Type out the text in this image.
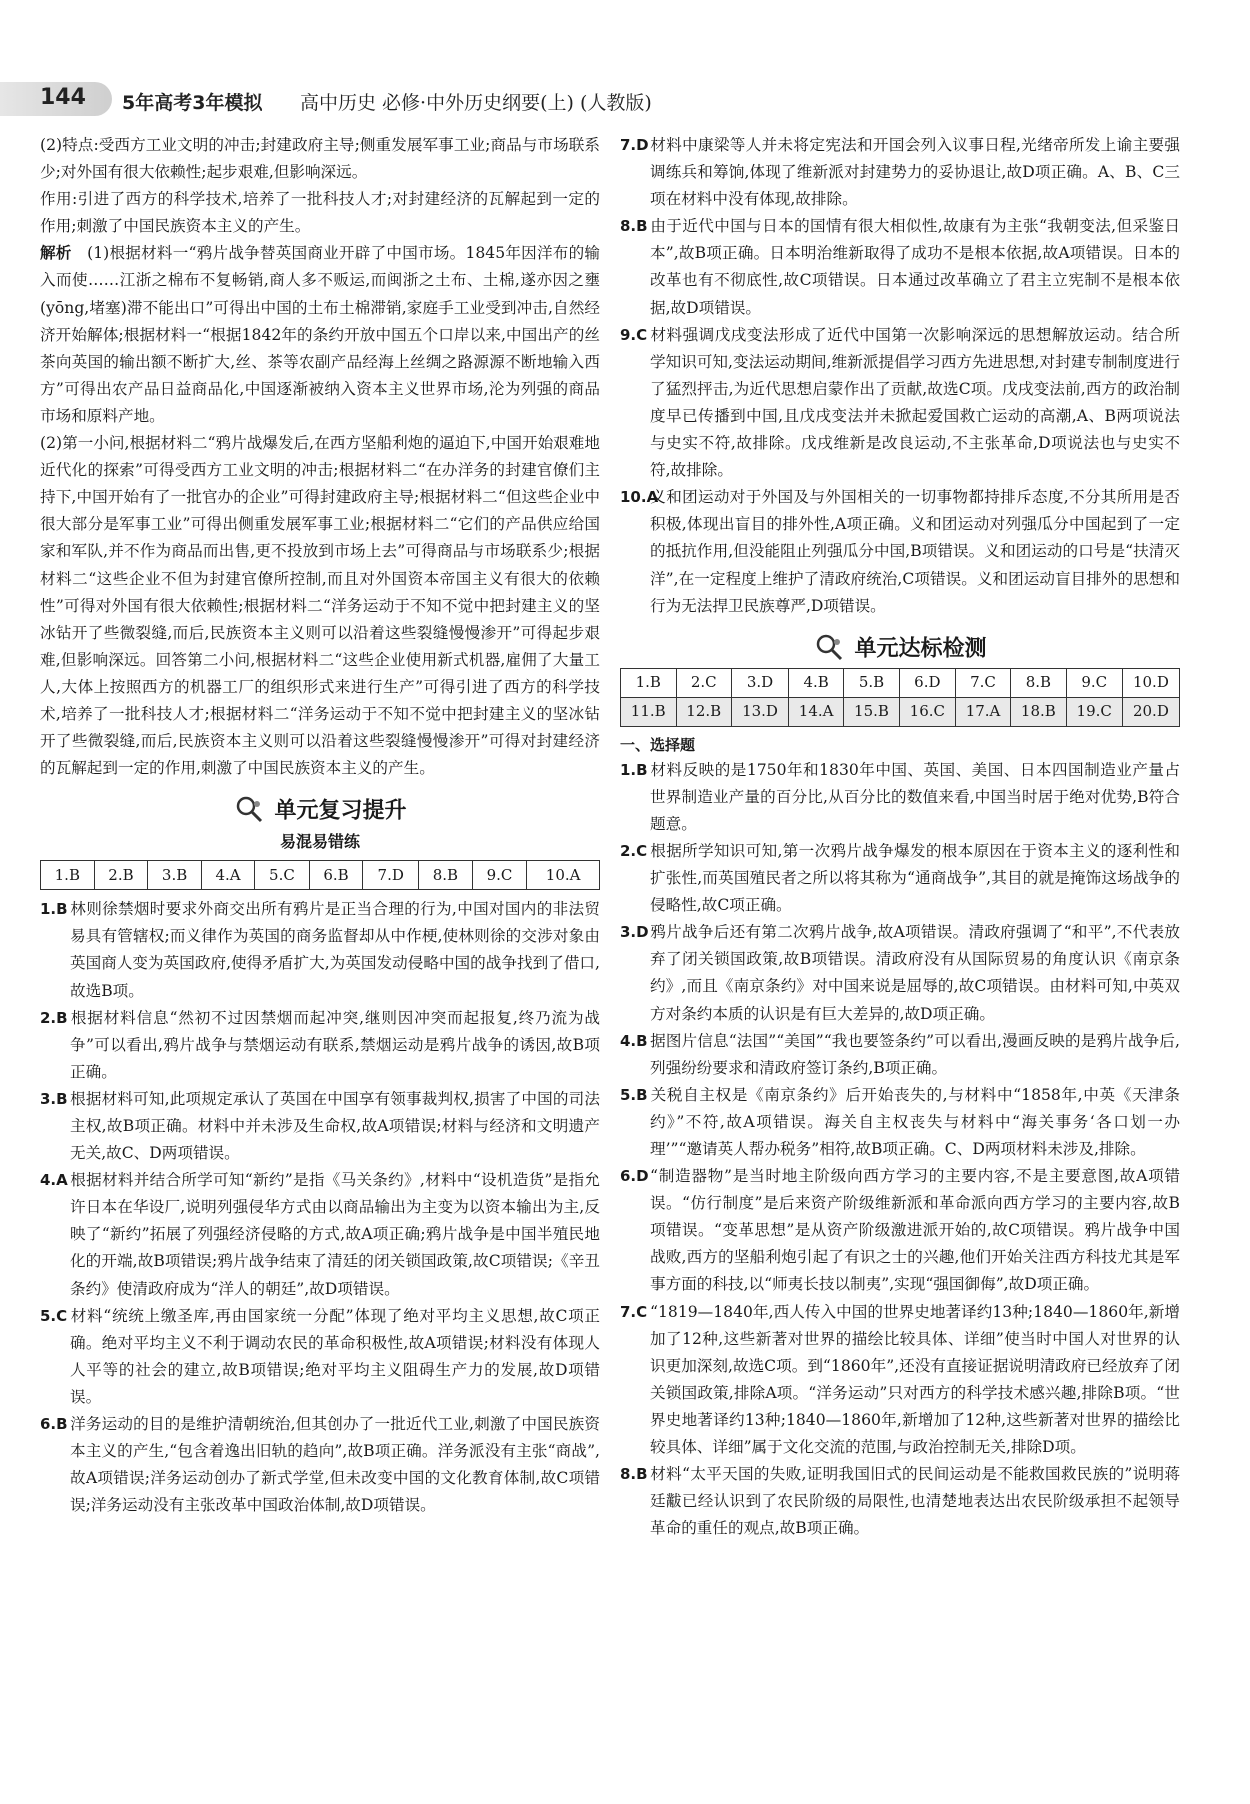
144 5年高考3年模拟 高中历史 必修·中外历史纲要(上) (人教版)

(2)特点:受西方工业文明的冲击;封建政府主导;侧重发展军事工业;商品与市场联系少;对外国有很大依赖性;起步艰难,但影响深远。

作用:引进了西方的科学技术,培养了一批科技人才;对封建经济的瓦解起到一定的作用;刺激了中国民族资本主义的产生。

解析 (1)根据材料一“鸦片战争替英国商业开辟了中国市场。1845年因洋布的输入而使……江浙之棉布不复畅销,商人多不贩运,而闽浙之土布、土棉,遂亦因之壅(yōng,堵塞)滞不能出口”可得出中国的土布土棉滞销,家庭手工业受到冲击,自然经济开始解体;根据材料一“根据1842年的条约开放中国五个口岸以来,中国出产的丝茶向英国的输出额不断扩大,丝、茶等农副产品经海上丝绸之路源源不断地输入西方”可得出农产品日益商品化,中国逐渐被纳入资本主义世界市场,沦为列强的商品市场和原料产地。

(2)第一小问,根据材料二“鸦片战爆发后,在西方坚船利炮的逼迫下,中国开始艰难地近代化的探索”可得受西方工业文明的冲击;根据材料二“在办洋务的封建官僚们主持下,中国开始有了一批官办的企业”可得封建政府主导;根据材料二“但这些企业中很大部分是军事工业”可得出侧重发展军事工业;根据材料二“它们的产品供应给国家和军队,并不作为商品而出售,更不投放到市场上去”可得商品与市场联系少;根据材料二“这些企业不但为封建官僚所控制,而且对外国资本帝国主义有很大的依赖性”可得对外国有很大依赖性;根据材料二“洋务运动于不知不觉中把封建主义的坚冰钻开了些微裂缝,而后,民族资本主义则可以沿着这些裂缝慢慢渗开”可得起步艰难,但影响深远。回答第二小问,根据材料二“这些企业使用新式机器,雇佣了大量工人,大体上按照西方的机器工厂的组织形式来进行生产”可得引进了西方的科学技术,培养了一批科技人才;根据材料二“洋务运动于不知不觉中把封建主义的坚冰钻开了些微裂缝,而后,民族资本主义则可以沿着这些裂缝慢慢渗开”可得对封建经济的瓦解起到一定的作用,刺激了中国民族资本主义的产生。

单元复习提升
易混易错练
1.B	2.B	3.B	4.A	5.C	6.B	7.D	8.B	9.C	10.A

1.B 林则徐禁烟时要求外商交出所有鸦片是正当合理的行为,中国对国内的非法贸易具有管辖权;而义律作为英国的商务监督却从中作梗,使林则徐的交涉对象由英国商人变为英国政府,使得矛盾扩大,为英国发动侵略中国的战争找到了借口,故选B项。

2.B 根据材料信息“然初不过因禁烟而起冲突,继则因冲突而起报复,终乃流为战争”可以看出,鸦片战争与禁烟运动有联系,禁烟运动是鸦片战争的诱因,故B项正确。

3.B 根据材料可知,此项规定承认了英国在中国享有领事裁判权,损害了中国的司法主权,故B项正确。材料中并未涉及生命权,故A项错误;材料与经济和文明遗产无关,故C、D两项错误。

4.A 根据材料并结合所学可知“新约”是指《马关条约》,材料中“设机造货”是指允许日本在华设厂,说明列强侵华方式由以商品输出为主变为以资本输出为主,反映了“新约”拓展了列强经济侵略的方式,故A项正确;鸦片战争是中国半殖民地化的开端,故B项错误;鸦片战争结束了清廷的闭关锁国政策,故C项错误;《辛丑条约》使清政府成为“洋人的朝廷”,故D项错误。

5.C 材料“统统上缴圣库,再由国家统一分配”体现了绝对平均主义思想,故C项正确。绝对平均主义不利于调动农民的革命积极性,故A项错误;材料没有体现人人平等的社会的建立,故B项错误;绝对平均主义阻碍生产力的发展,故D项错误。

6.B 洋务运动的目的是维护清朝统治,但其创办了一批近代工业,刺激了中国民族资本主义的产生,“包含着逸出旧轨的趋向”,故B项正确。洋务派没有主张“商战”,故A项错误;洋务运动创办了新式学堂,但未改变中国的文化教育体制,故C项错误;洋务运动没有主张改革中国政治体制,故D项错误。

7.D材料中康梁等人并未将定宪法和开国会列入议事日程,光绪帝所发上谕主要强调练兵和筹饷,体现了维新派对封建势力的妥协退让,故D项正确。A、B、C三项在材料中没有体现,故排除。

8.B 由于近代中国与日本的国情有很大相似性,故康有为主张“我朝变法,但采鉴日本”,故B项正确。日本明治维新取得了成功不是根本依据,故A项错误。日本的改革也有不彻底性,故C项错误。日本通过改革确立了君主立宪制不是根本依据,故D项错误。

9.C 材料强调戊戌变法形成了近代中国第一次影响深远的思想解放运动。结合所学知识可知,变法运动期间,维新派提倡学习西方先进思想,对封建专制制度进行了猛烈抨击,为近代思想启蒙作出了贡献,故选C项。戊戌变法前,西方的政治制度早已传播到中国,且戊戌变法并未掀起爱国救亡运动的高潮,A、B两项说法与史实不符,故排除。戊戌维新是改良运动,不主张革命,D项说法也与史实不符,故排除。

10.A义和团运动对于外国及与外国相关的一切事物都持排斥态度,不分其所用是否积极,体现出盲目的排外性,A项正确。义和团运动对列强瓜分中国起到了一定的抵抗作用,但没能阻止列强瓜分中国,B项错误。义和团运动的口号是“扶清灭洋”,在一定程度上维护了清政府统治,C项错误。义和团运动盲目排外的思想和行为无法捍卫民族尊严,D项错误。

单元达标检测
1.B	2.C	3.D	4.B	5.B	6.D	7.C	8.B	9.C	10.D
11.B	12.B	13.D	14.A	15.B	16.C	17.A	18.B	19.C	20.D
一、选择题

1.B 材料反映的是1750年和1830年中国、英国、美国、日本四国制造业产量占世界制造业产量的百分比,从百分比的数值来看,中国当时居于绝对优势,B符合题意。

2.C 根据所学知识可知,第一次鸦片战争爆发的根本原因在于资本主义的逐利性和扩张性,而英国殖民者之所以将其称为“通商战争”,其目的就是掩饰这场战争的侵略性,故C项正确。

3.D鸦片战争后还有第二次鸦片战争,故A项错误。清政府强调了“和平”,不代表放弃了闭关锁国政策,故B项错误。清政府没有从国际贸易的角度认识《南京条约》,而且《南京条约》对中国来说是屈辱的,故C项错误。由材料可知,中英双方对条约本质的认识是有巨大差异的,故D项正确。

4.B 据图片信息“法国”“美国”“我也要签条约”可以看出,漫画反映的是鸦片战争后,列强纷纷要求和清政府签订条约,B项正确。

5.B 关税自主权是《南京条约》后开始丧失的,与材料中“1858年,中英《天津条约》”不符,故A项错误。海关自主权丧失与材料中“海关事务‘各口划一办理’”“邀请英人帮办税务”相符,故B项正确。C、D两项材料未涉及,排除。

6.D“制造器物”是当时地主阶级向西方学习的主要内容,不是主要意图,故A项错误。“仿行制度”是后来资产阶级维新派和革命派向西方学习的主要内容,故B项错误。“变革思想”是从资产阶级激进派开始的,故C项错误。鸦片战争中国战败,西方的坚船利炮引起了有识之士的兴趣,他们开始关注西方科技尤其是军事方面的科技,以“师夷长技以制夷”,实现“强国御侮”,故D项正确。

7.C “1819—1840年,西人传入中国的世界史地著译约13种;1840—1860年,新增加了12种,这些新著对世界的描绘比较具体、详细”使当时中国人对世界的认识更加深刻,故选C项。到“1860年”,还没有直接证据说明清政府已经放弃了闭关锁国政策,排除A项。“洋务运动”只对西方的科学技术感兴趣,排除B项。“世界史地著译约13种;1840—1860年,新增加了12种,这些新著对世界的描绘比较具体、详细”属于文化交流的范围,与政治控制无关,排除D项。

8.B 材料“太平天国的失败,证明我国旧式的民间运动是不能救国救民族的”说明蒋廷黻已经认识到了农民阶级的局限性,也清楚地表达出农民阶级承担不起领导革命的重任的观点,故B项正确。
